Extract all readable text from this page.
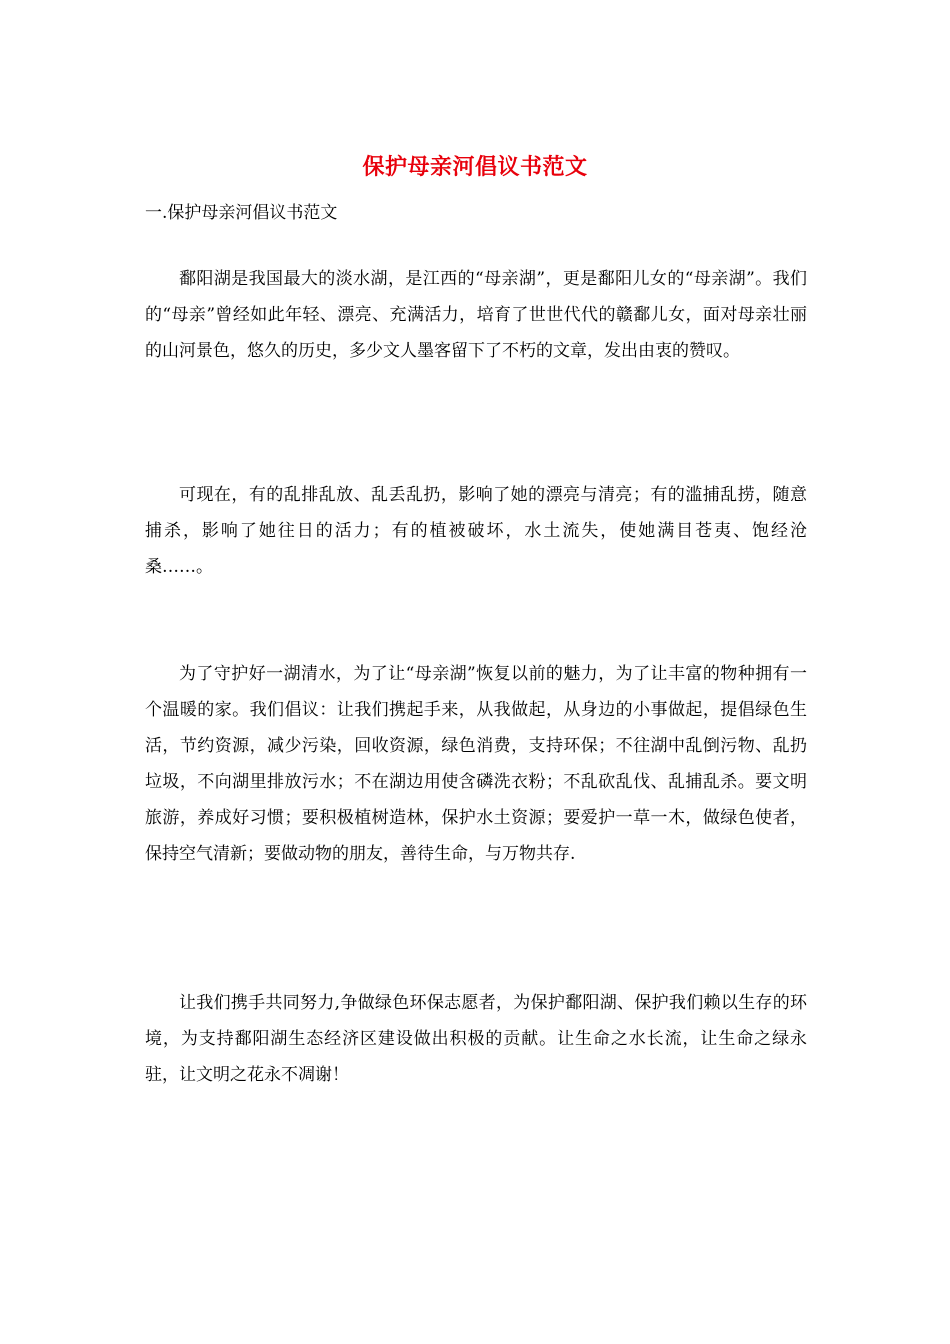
保护母亲河倡议书范文
一.保护母亲河倡议书范文

鄱阳湖是我国最大的淡水湖，是江西的“母亲湖”，更是鄱阳儿女的“母亲湖”。我们的“母亲”曾经如此年轻、漂亮、充满活力，培育了世世代代的赣鄱儿女，面对母亲壮丽的山河景色，悠久的历史，多少文人墨客留下了不朽的文章，发出由衷的赞叹。

可现在，有的乱排乱放、乱丢乱扔，影响了她的漂亮与清亮；有的滥捕乱捞，随意捕杀，影响了她往日的活力；有的植被破坏，水土流失，使她满目苍夷、饱经沧桑……。

为了守护好一湖清水，为了让“母亲湖”恢复以前的魅力，为了让丰富的物种拥有一个温暖的家。我们倡议：让我们携起手来，从我做起，从身边的小事做起，提倡绿色生活，节约资源，减少污染，回收资源，绿色消费，支持环保；不往湖中乱倒污物、乱扔垃圾，不向湖里排放污水；不在湖边用使含磷洗衣粉；不乱砍乱伐、乱捕乱杀。要文明旅游，养成好习惯；要积极植树造林，保护水土资源；要爱护一草一木，做绿色使者，保持空气清新；要做动物的朋友，善待生命，与万物共存.

让我们携手共同努力,争做绿色环保志愿者，为保护鄱阳湖、保护我们赖以生存的环境，为支持鄱阳湖生态经济区建设做出积极的贡献。让生命之水长流，让生命之绿永驻，让文明之花永不凋谢！
